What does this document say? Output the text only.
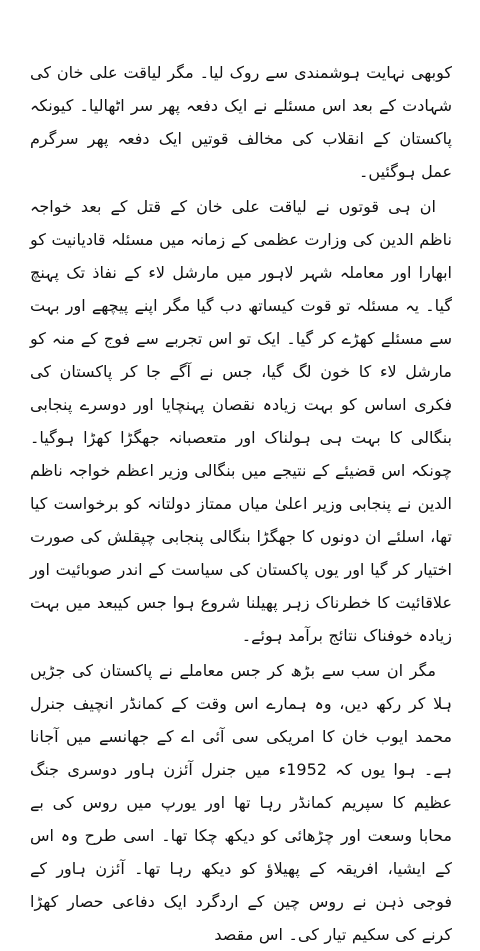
کوبھی نہایت ہوشمندی سے روک لیا۔ مگر لیاقت علی خان کی شہادت کے بعد اس مسئلے نے ایک دفعہ پھر سر اٹھالیا۔ کیونکہ پاکستان کے انقلاب کی مخالف قوتیں ایک دفعہ پھر سرگرم عمل ہوگئیں۔

ان ہی قوتوں نے لیاقت علی خان کے قتل کے بعد خواجہ ناظم الدین کی وزارت عظمی کے زمانہ میں مسئلہ قادیانیت کو ابھارا اور معاملہ شہر لاہور میں مارشل لاء کے نفاذ تک پہنچ گیا۔ یہ مسئلہ تو قوت کیساتھ دب گیا مگر اپنے پیچھے اور بہت سے مسئلے کھڑے کر گیا۔ ایک تو اس تجربے سے فوج کے منہ کو مارشل لاء کا خون لگ گیا، جس نے آگے جا کر پاکستان کی فکری اساس کو بہت زیادہ نقصان پہنچایا اور دوسرے پنجابی بنگالی کا بہت ہی ہولناک اور متعصبانہ جھگڑا کھڑا ہوگیا۔ چونکہ اس قضیئے کے نتیجے میں بنگالی وزیر اعظم خواجہ ناظم الدین نے پنجابی وزیر اعلیٰ میاں ممتاز دولتانہ کو برخواست کیا تھا، اسلئے ان دونوں کا جھگڑا بنگالی پنجابی چپقلش کی صورت اختیار کر گیا اور یوں پاکستان کی سیاست کے اندر صوبائیت اور علاقائیت کا خطرناک زہر پھیلنا شروع ہوا جس کیبعد میں بہت زیادہ خوفناک نتائج برآمد ہوئے۔

مگر ان سب سے بڑھ کر جس معاملے نے پاکستان کی جڑیں ہلا کر رکھ دیں، وہ ہمارے اس وقت کے کمانڈر انچیف جنرل محمد ایوب خان کا امریکی سی آئی اے کے جھانسے میں آجانا ہے۔ ہوا یوں کہ 1952ء میں جنرل آئزن ہاور دوسری جنگ عظیم کا سپریم کمانڈر رہا تھا اور یورپ میں روس کی بے محابا وسعت اور چڑھائی کو دیکھ چکا تھا۔ اسی طرح وہ اس کے ایشیا، افریقہ کے پھیلاؤ کو دیکھ رہا تھا۔ آئزن ہاور کے فوجی ذہن نے روس چین کے اردگرد ایک دفاعی حصار کھڑا کرنے کی سکیم تیار کی۔ اس مقصد
